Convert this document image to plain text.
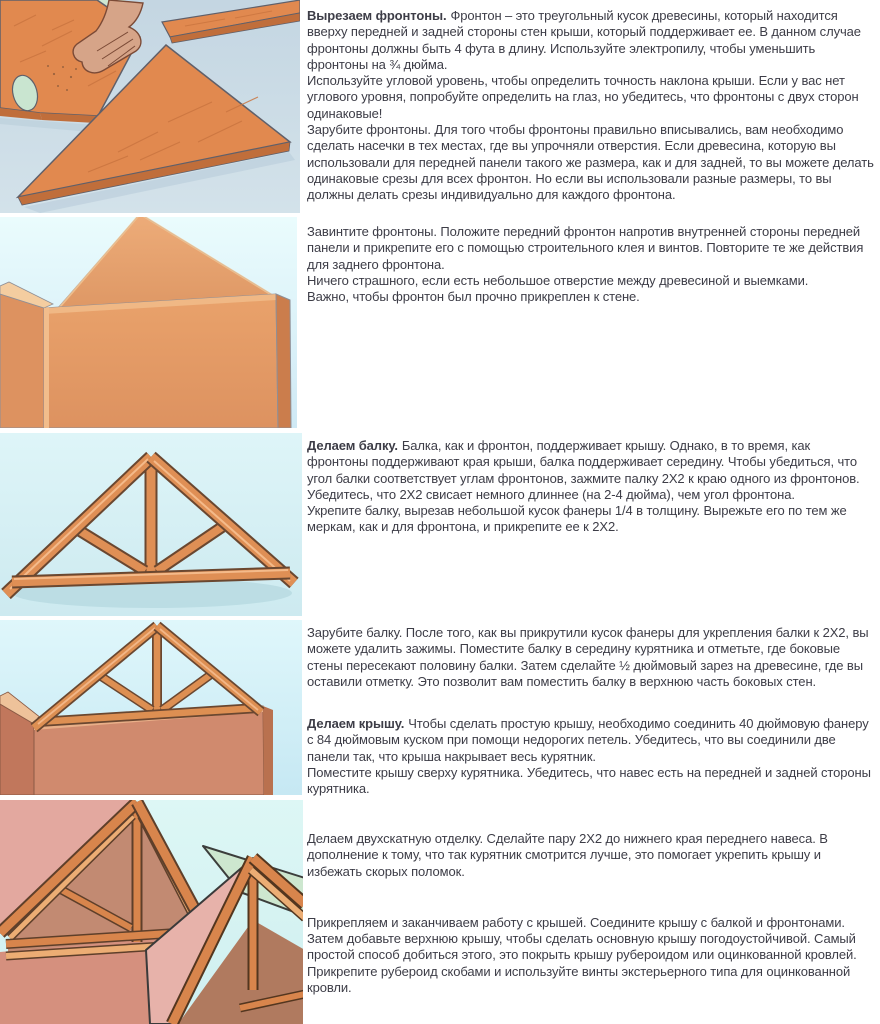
Вырезаем фронтоны. Фронтон – это треугольный кусок древесины, который находится вверху передней и задней стороны стен крыши, который поддерживает ее. В данном случае фронтоны должны быть 4 фута в длину. Используйте электропилу, чтобы уменьшить фронтоны на ¾ дюйма.

Используйте угловой уровень, чтобы определить точность наклона крыши. Если у вас нет углового уровня, попробуйте определить на глаз, но убедитесь, что фронтоны с двух сторон одинаковые!

Зарубите фронтоны. Для того чтобы фронтоны правильно вписывались, вам необходимо сделать насечки в тех местах, где вы упрочняли отверстия. Если древесина, которую вы использовали для передней панели такого же размера, как и для задней, то вы можете делать одинаковые срезы для всех фронтон. Но если вы использовали разные размеры, то вы должны делать срезы индивидуально для каждого фронтона.

Завинтите фронтоны. Положите передний фронтон напротив внутренней стороны передней панели и прикрепите его с помощью строительного клея и винтов. Повторите те же действия для заднего фронтона.

Ничего страшного, если есть небольшое отверстие между древесиной и выемками.

Важно, чтобы фронтон был прочно прикреплен к стене.

Делаем балку. Балка, как и фронтон, поддерживает крышу. Однако, в то время, как фронтоны поддерживают края крыши, балка поддерживает середину. Чтобы убедиться, что угол балки соответствует углам фронтонов, зажмите палку 2Х2 к краю одного из фронтонов. Убедитесь, что 2Х2 свисает немного длиннее (на 2-4 дюйма), чем угол фронтона.

Укрепите балку, вырезав небольшой кусок фанеры 1/4 в толщину. Вырежьте его по тем же меркам, как и для фронтона, и прикрепите ее к 2Х2.

Зарубите балку. После того, как вы прикрутили кусок фанеры для укрепления балки к 2Х2, вы можете удалить зажимы. Поместите балку в середину курятника и отметьте, где боковые стены пересекают половину балки. Затем сделайте ½ дюймовый зарез на древесине, где вы оставили отметку. Это позволит вам поместить балку в верхнюю часть боковых стен.

Делаем крышу. Чтобы сделать простую крышу, необходимо соединить 40 дюймовую фанеру с 84 дюймовым куском при помощи недорогих петель. Убедитесь, что вы соединили две панели так, что крыша накрывает весь курятник.

Поместите крышу сверху курятника. Убедитесь, что навес есть на передней и задней стороны курятника.

Делаем двухскатную отделку. Сделайте пару 2Х2 до нижнего края переднего навеса. В дополнение к тому, что так курятник смотрится лучше, это помогает укрепить крышу и избежать скорых поломок.

Прикрепляем и заканчиваем работу с крышей. Соедините крышу с балкой и фронтонами. Затем добавьте верхнюю крышу, чтобы сделать основную крышу погодоустойчивой. Самый простой способ добиться этого, это покрыть крышу рубероидом или оцинкованной кровлей. Прикрепите рубероид скобами и используйте винты экстерьерного типа для оцинкованной кровли.
